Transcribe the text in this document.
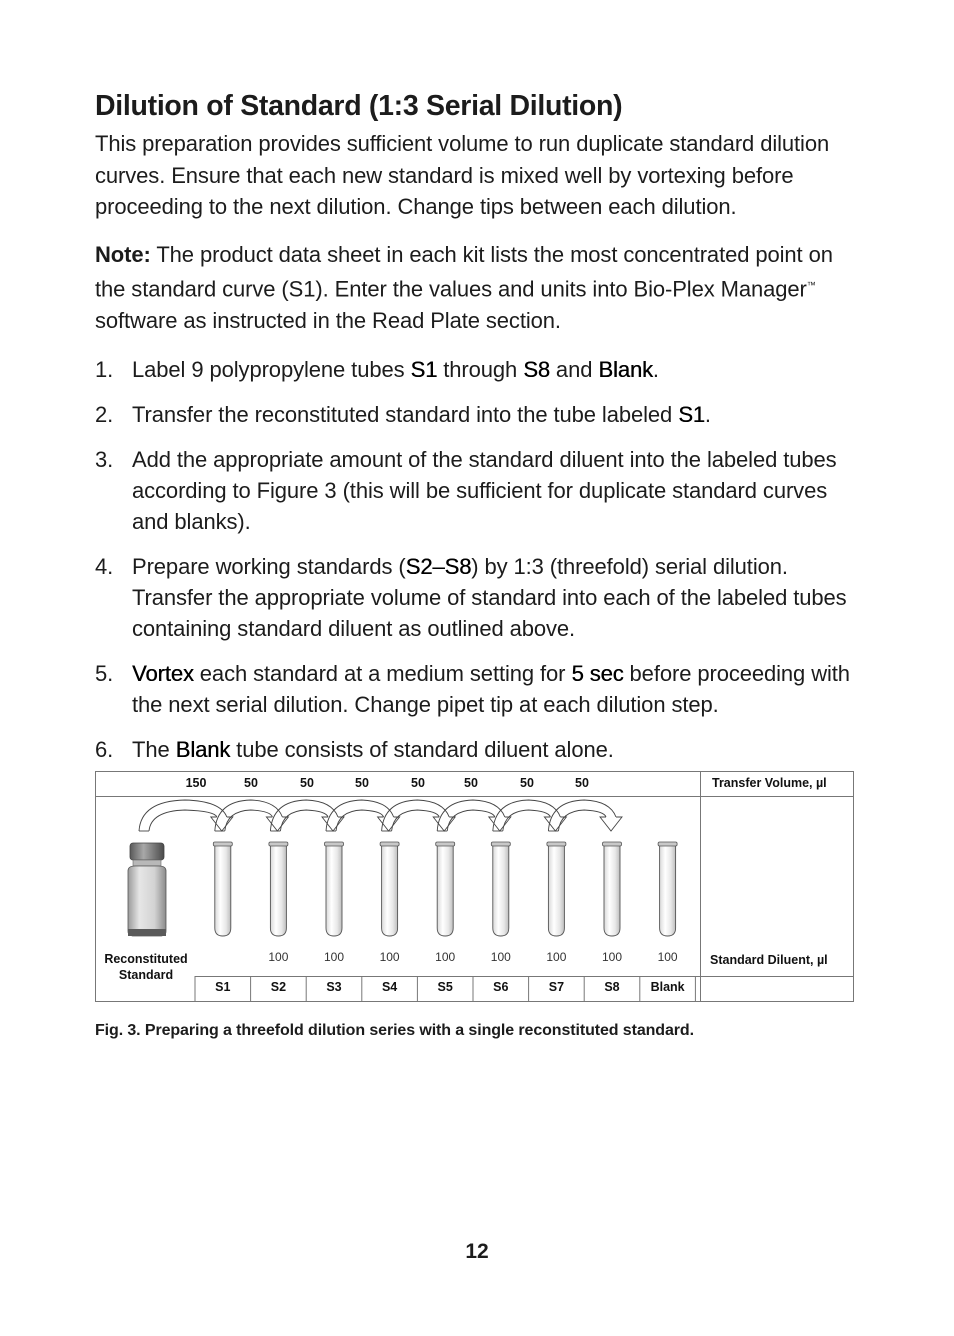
Dilution of Standard (1:3 Serial Dilution)

This preparation provides sufficient volume to run duplicate standard dilution curves. Ensure that each new standard is mixed well by vortexing before proceeding to the next dilution. Change tips between each dilution.

Note: The product data sheet in each kit lists the most concentrated point on the standard curve (S1). Enter the values and units into Bio-Plex Manager™ software as instructed in the Read Plate section.

1. Label 9 polypropylene tubes S1 through S8 and Blank.
2. Transfer the reconstituted standard into the tube labeled S1.
3. Add the appropriate amount of the standard diluent into the labeled tubes according to Figure 3 (this will be sufficient for duplicate standard curves and blanks).
4. Prepare working standards (S2–S8) by 1:3 (threefold) serial dilution. Transfer the appropriate volume of standard into each of the labeled tubes containing standard diluent as outlined above.
5. Vortex each standard at a medium setting for 5 sec before proceeding with the next serial dilution. Change pipet tip at each dilution step.
6. The Blank tube consists of standard diluent alone.
150	50	50	50	50	50	50	50
100	100	100	100	100	100	100	100
S1	S2	S3	S4	S5	S6	S7	S8	Blank
Transfer Volume, µl
Standard Diluent, µl
Reconstituted
Standard
Fig. 3. Preparing a threefold dilution series with a single reconstituted standard.
12
